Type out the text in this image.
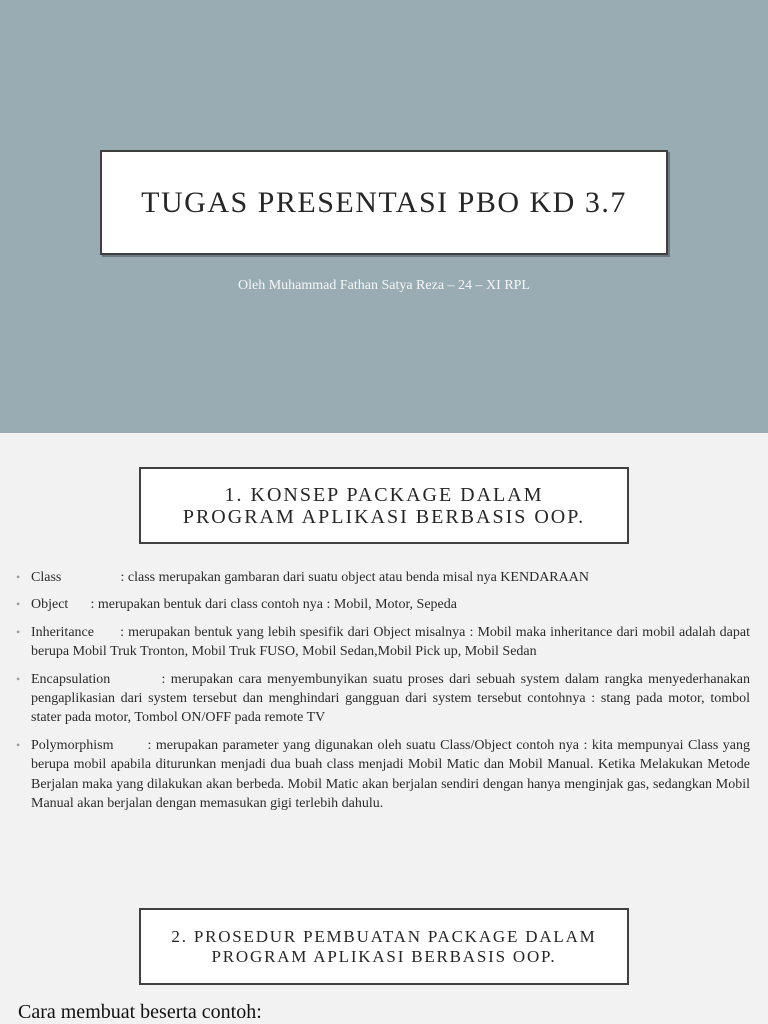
TUGAS PRESENTASI PBO KD 3.7
Oleh Muhammad Fathan Satya Reza – 24 – XI RPL
1. KONSEP PACKAGE DALAM
PROGRAM APLIKASI BERBASIS OOP.
• Class	: class merupakan gambaran dari suatu object atau benda misal nya KENDARAAN
• Object : merupakan bentuk dari class contoh nya : Mobil, Motor, Sepeda
• Inheritance : merupakan bentuk yang lebih spesifik dari Object misalnya : Mobil maka inheritance dari mobil adalah dapat berupa Mobil Truk Tronton, Mobil Truk FUSO, Mobil Sedan,Mobil Pick up, Mobil Sedan
• Encapsulation	: merupakan cara menyembunyikan suatu proses dari sebuah system dalam rangka menyederhanakan pengaplikasian dari system tersebut dan menghindari gangguan dari system tersebut contohnya : stang pada motor, tombol stater pada motor, Tombol ON/OFF pada remote TV
• Polymorphism : merupakan parameter yang digunakan oleh suatu Class/Object contoh nya : kita mempunyai Class yang berupa mobil apabila diturunkan menjadi dua buah class menjadi Mobil Matic dan Mobil Manual. Ketika Melakukan Metode Berjalan maka yang dilakukan akan berbeda. Mobil Matic akan berjalan sendiri dengan hanya menginjak gas, sedangkan Mobil Manual akan berjalan dengan memasukan gigi terlebih dahulu.
2. PROSEDUR PEMBUATAN PACKAGE DALAM
PROGRAM APLIKASI BERBASIS OOP.
Cara membuat beserta contoh:
